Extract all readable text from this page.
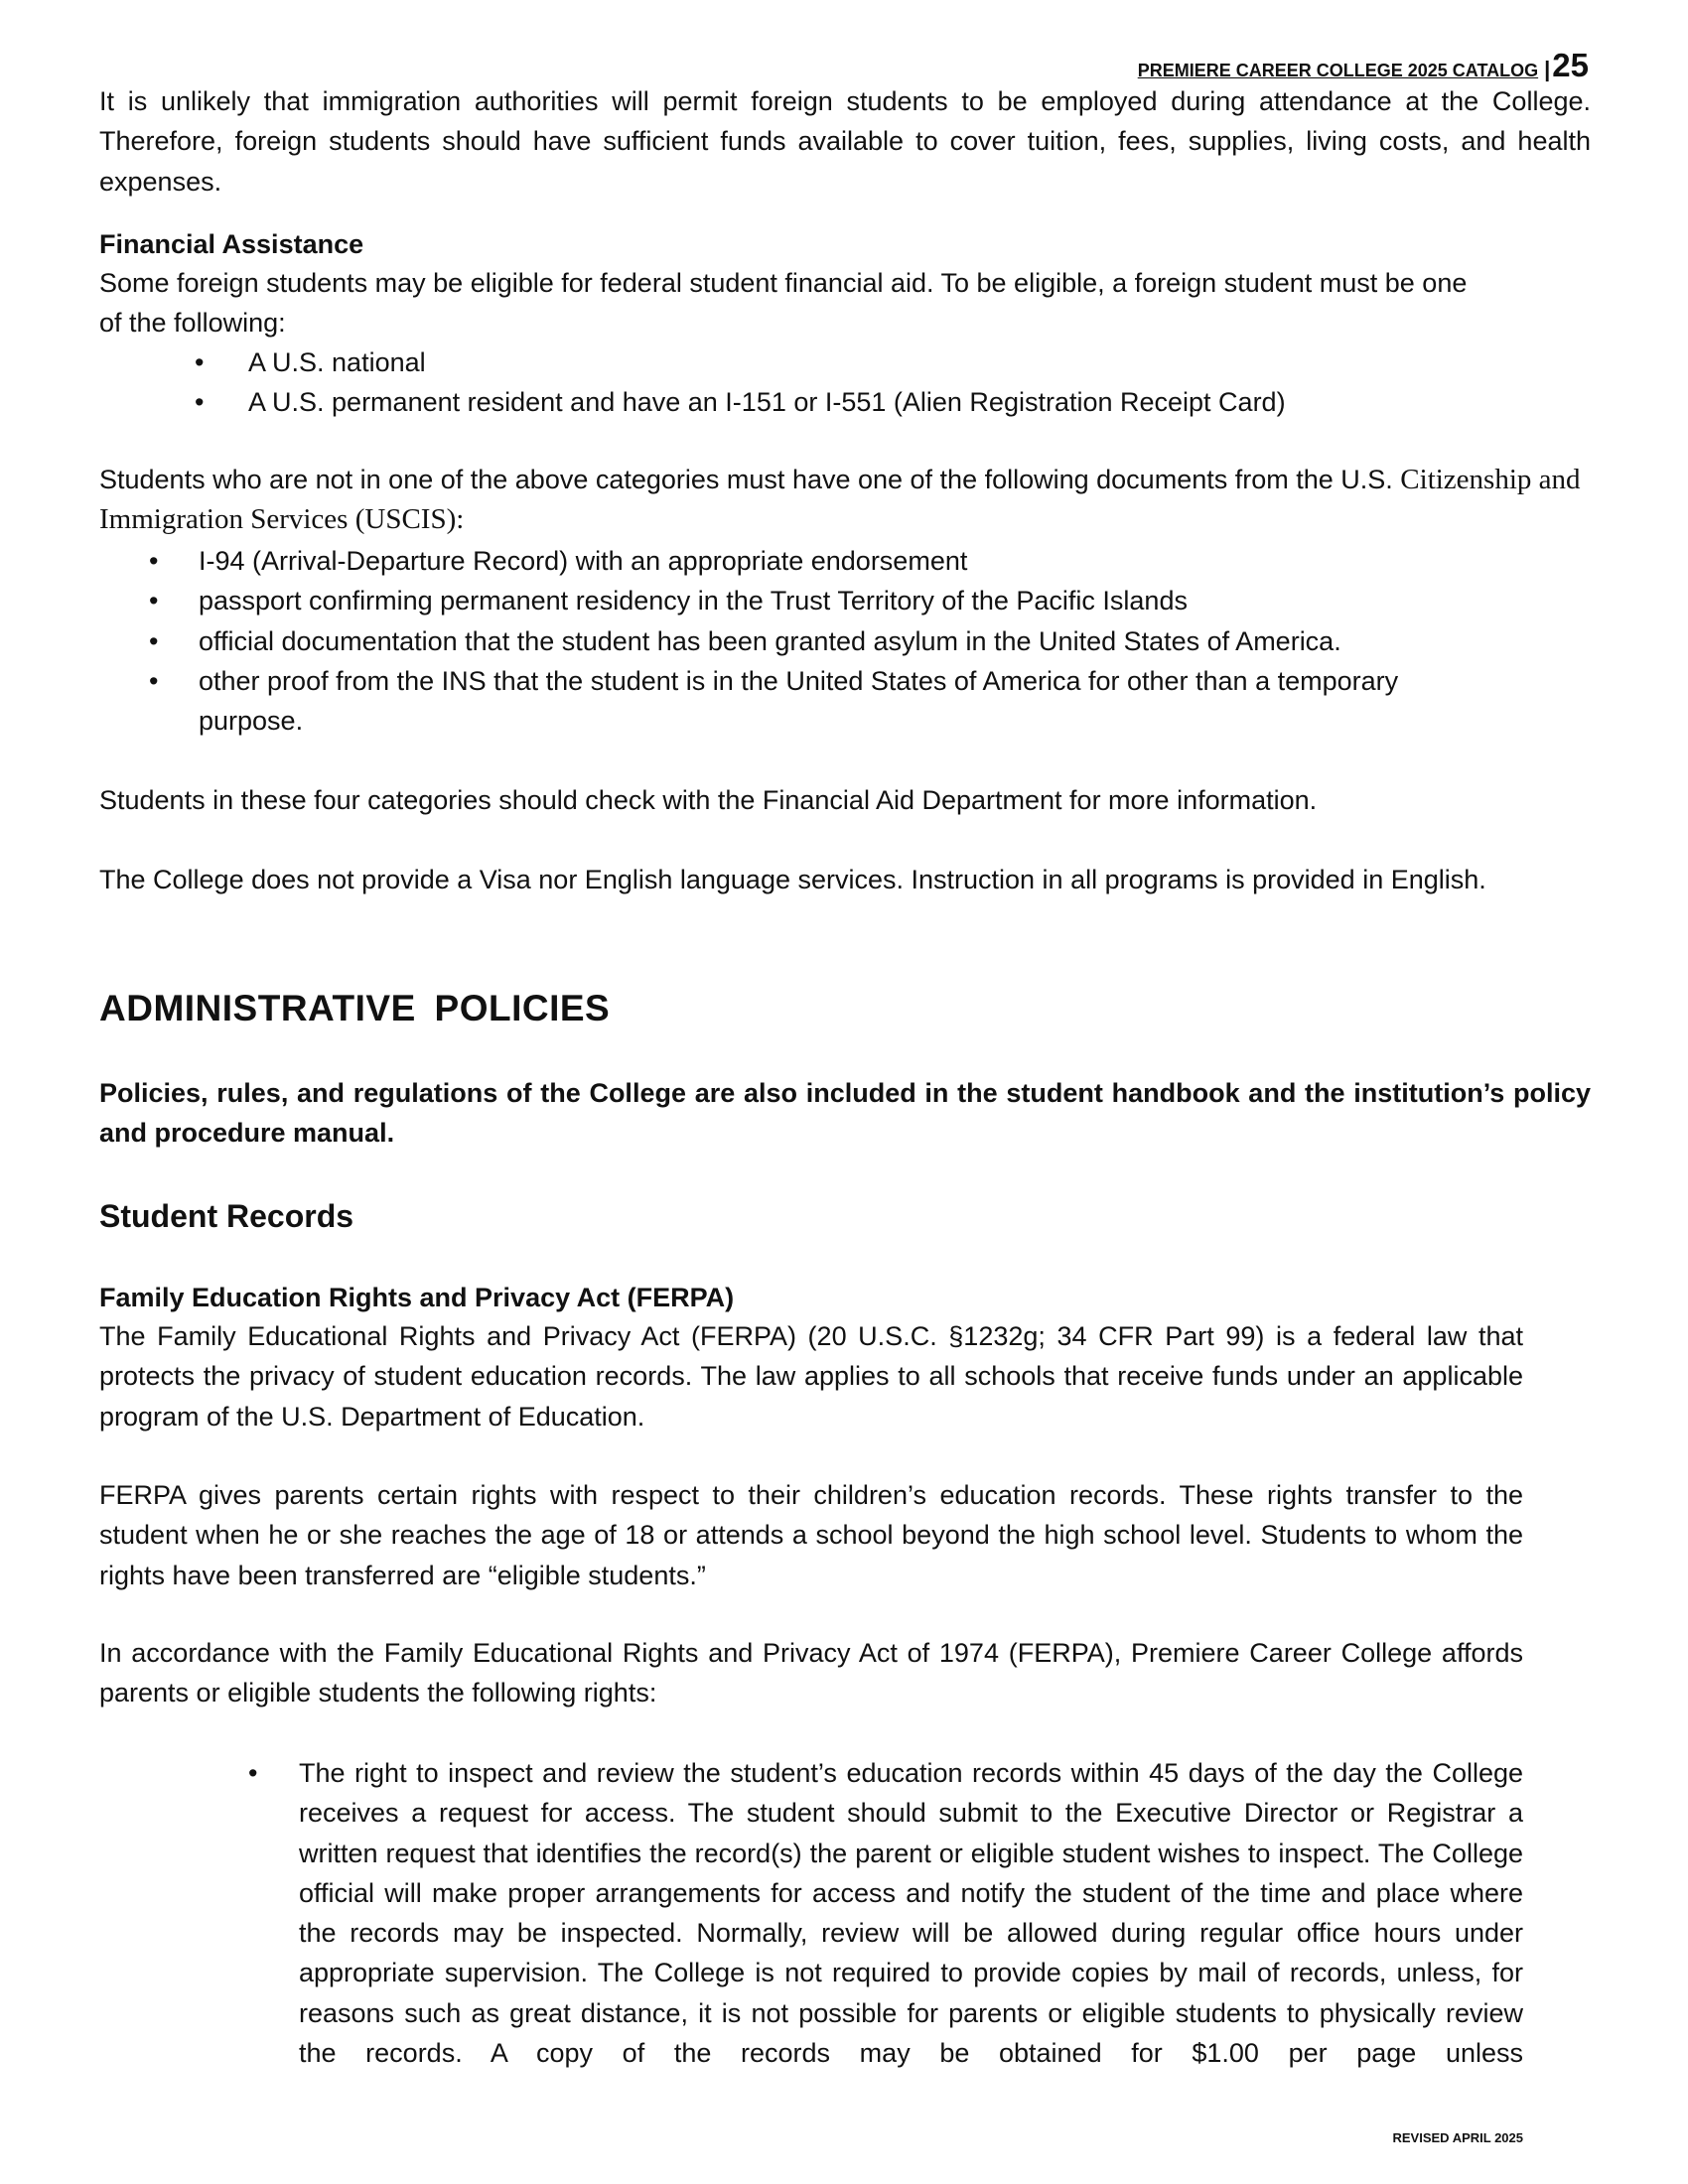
PREMIERE CAREER COLLEGE 2025 CATALOG |25

It is unlikely that immigration authorities will permit foreign students to be employed during attendance at the College. Therefore, foreign students should have sufficient funds available to cover tuition, fees, supplies, living costs, and health expenses.

Financial Assistance

Some foreign students may be eligible for federal student financial aid. To be eligible, a foreign student must be one of the following:

• A U.S. national
• A U.S. permanent resident and have an I-151 or I-551 (Alien Registration Receipt Card)

Students who are not in one of the above categories must have one of the following documents from the U.S. Citizenship and Immigration Services (USCIS):

• I-94 (Arrival-Departure Record) with an appropriate endorsement
• passport confirming permanent residency in the Trust Territory of the Pacific Islands
• official documentation that the student has been granted asylum in the United States of America.
• other proof from the INS that the student is in the United States of America for other than a temporary purpose.

Students in these four categories should check with the Financial Aid Department for more information.

The College does not provide a Visa nor English language services. Instruction in all programs is provided in English.

ADMINISTRATIVE POLICIES

Policies, rules, and regulations of the College are also included in the student handbook and the institution’s policy and procedure manual.

Student Records
Family Education Rights and Privacy Act (FERPA)

The Family Educational Rights and Privacy Act (FERPA) (20 U.S.C. §1232g; 34 CFR Part 99) is a federal law that protects the privacy of student education records. The law applies to all schools that receive funds under an applicable program of the U.S. Department of Education.

FERPA gives parents certain rights with respect to their children’s education records. These rights transfer to the student when he or she reaches the age of 18 or attends a school beyond the high school level. Students to whom the rights have been transferred are “eligible students.”

In accordance with the Family Educational Rights and Privacy Act of 1974 (FERPA), Premiere Career College affords parents or eligible students the following rights:

• The right to inspect and review the student’s education records within 45 days of the day the College receives a request for access. The student should submit to the Executive Director or Registrar a written request that identifies the record(s) the parent or eligible student wishes to inspect. The College official will make proper arrangements for access and notify the student of the time and place where the records may be inspected. Normally, review will be allowed during regular office hours under appropriate supervision. The College is not required to provide copies by mail of records, unless, for reasons such as great distance, it is not possible for parents or eligible students to physically review the records. A copy of the records may be obtained for $1.00 per page unless
REVISED APRIL 2025
